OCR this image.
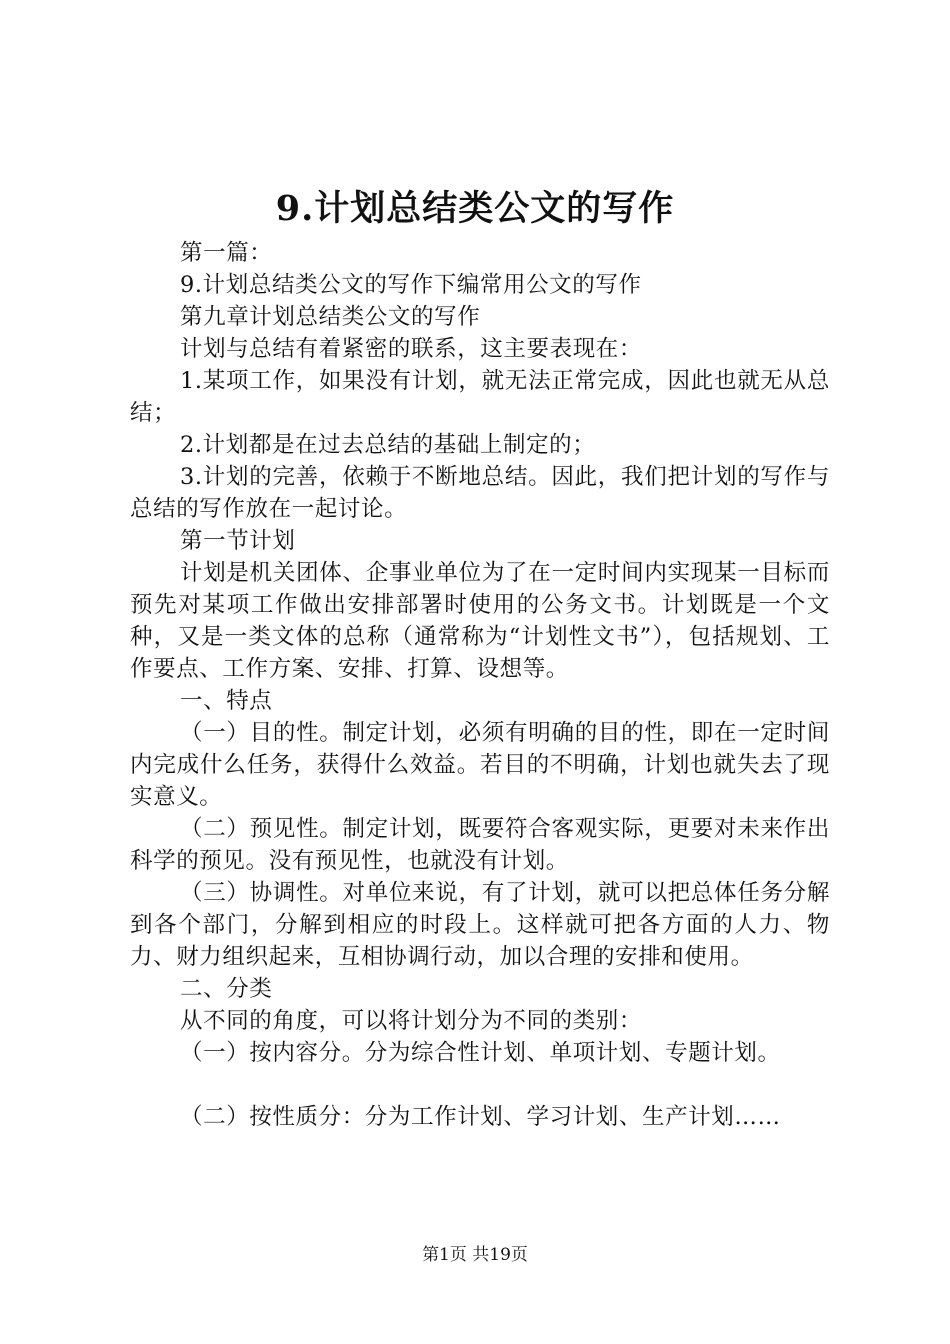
9.计划总结类公文的写作

第一篇：

9.计划总结类公文的写作下编常用公文的写作

第九章计划总结类公文的写作

计划与总结有着紧密的联系，这主要表现在：

1.某项工作，如果没有计划，就无法正常完成，因此也就无从总结；

2.计划都是在过去总结的基础上制定的；

3.计划的完善，依赖于不断地总结。因此，我们把计划的写作与总结的写作放在一起讨论。

第一节计划

计划是机关团体、企事业单位为了在一定时间内实现某一目标而预先对某项工作做出安排部署时使用的公务文书。计划既是一个文种，又是一类文体的总称（通常称为“计划性文书”），包括规划、工作要点、工作方案、安排、打算、设想等。

一、特点

（一）目的性。制定计划，必须有明确的目的性，即在一定时间内完成什么任务，获得什么效益。若目的不明确，计划也就失去了现实意义。

（二）预见性。制定计划，既要符合客观实际，更要对未来作出科学的预见。没有预见性，也就没有计划。

（三）协调性。对单位来说，有了计划，就可以把总体任务分解到各个部门，分解到相应的时段上。这样就可把各方面的人力、物力、财力组织起来，互相协调行动，加以合理的安排和使用。

二、分类

从不同的角度，可以将计划分为不同的类别：

（一）按内容分。分为综合性计划、单项计划、专题计划。

（二）按性质分：分为工作计划、学习计划、生产计划……

第1页 共19页
